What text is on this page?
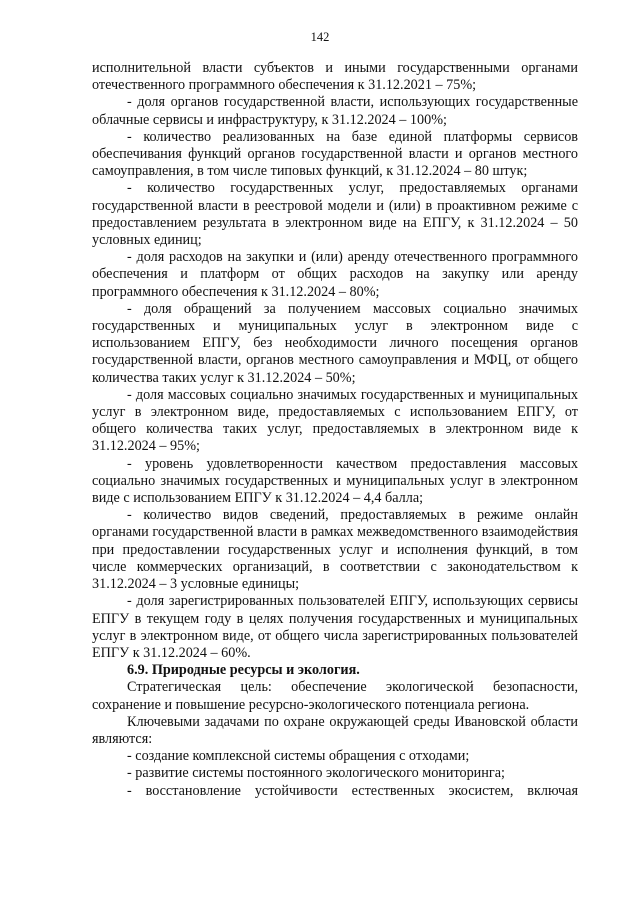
142

исполнительной власти субъектов и иными государственными органами отечественного программного обеспечения к 31.12.2021 – 75%;

- доля органов государственной власти, использующих государственные облачные сервисы и инфраструктуру, к 31.12.2024 – 100%;

- количество реализованных на базе единой платформы сервисов обеспечивания функций органов государственной власти и органов местного самоуправления, в том числе типовых функций, к 31.12.2024 – 80 штук;

- количество государственных услуг, предоставляемых органами государственной власти в реестровой модели и (или) в проактивном режиме с предоставлением результата в электронном виде на ЕПГУ, к 31.12.2024 – 50 условных единиц;

- доля расходов на закупки и (или) аренду отечественного программного обеспечения и платформ от общих расходов на закупку или аренду программного обеспечения к 31.12.2024 – 80%;

- доля обращений за получением массовых социально значимых государственных и муниципальных услуг в электронном виде с использованием ЕПГУ, без необходимости личного посещения органов государственной власти, органов местного самоуправления и МФЦ, от общего количества таких услуг к 31.12.2024 – 50%;

- доля массовых социально значимых государственных и муниципальных услуг в электронном виде, предоставляемых с использованием ЕПГУ, от общего количества таких услуг, предоставляемых в электронном виде к 31.12.2024 – 95%;

- уровень удовлетворенности качеством предоставления массовых социально значимых государственных и муниципальных услуг в электронном виде с использованием ЕПГУ к 31.12.2024 – 4,4 балла;

- количество видов сведений, предоставляемых в режиме онлайн органами государственной власти в рамках межведомственного взаимодействия при предоставлении государственных услуг и исполнения функций, в том числе коммерческих организаций, в соответствии с законодательством к 31.12.2024 – 3 условные единицы;

- доля зарегистрированных пользователей ЕПГУ, использующих сервисы ЕПГУ в текущем году в целях получения государственных и муниципальных услуг в электронном виде, от общего числа зарегистрированных пользователей ЕПГУ к 31.12.2024 – 60%.

6.9. Природные ресурсы и экология.

Стратегическая цель: обеспечение экологической безопасности, сохранение и повышение ресурсно-экологического потенциала региона.

Ключевыми задачами по охране окружающей среды Ивановской области являются:

- создание комплексной системы обращения с отходами;

- развитие системы постоянного экологического мониторинга;

- восстановление устойчивости естественных экосистем, включая
